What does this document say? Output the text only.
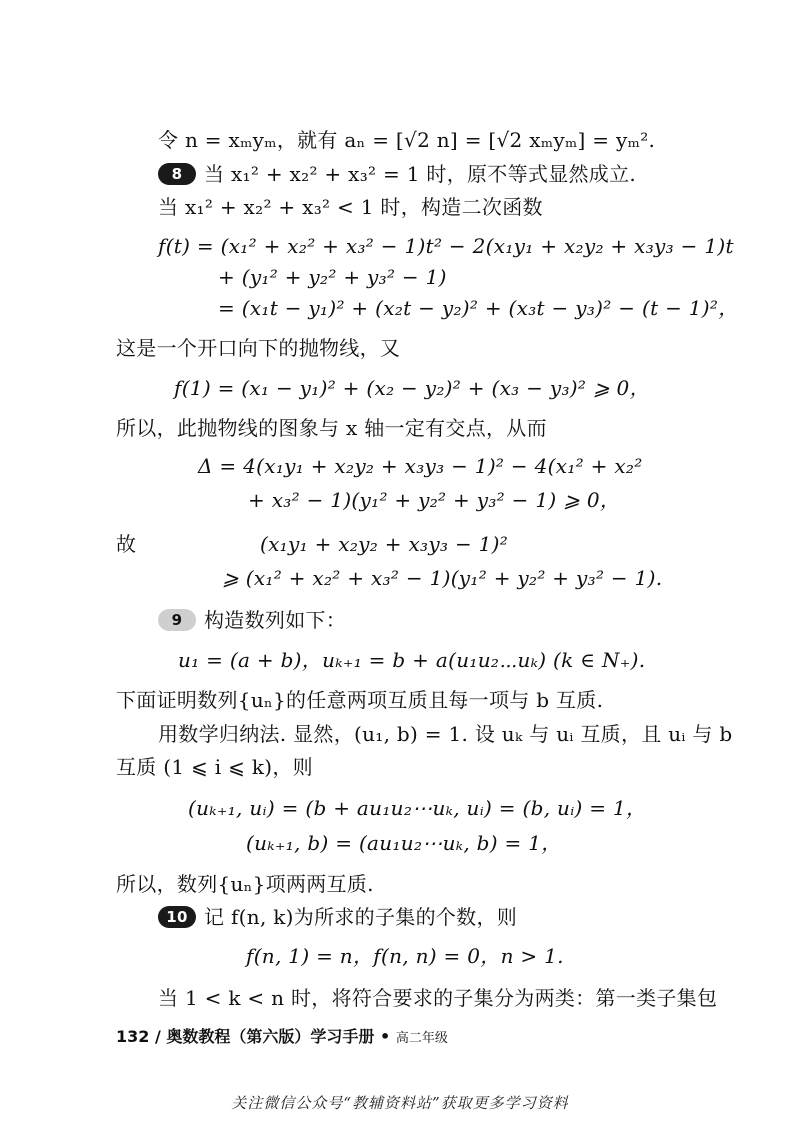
令 n = xₘyₘ，就有 aₙ = [√2 n] = [√2 xₘyₘ] = yₘ².
8 当 x₁² + x₂² + x₃² = 1 时，原不等式显然成立.
当 x₁² + x₂² + x₃² < 1 时，构造二次函数
f(t) = (x₁² + x₂² + x₃² − 1)t² − 2(x₁y₁ + x₂y₂ + x₃y₃ − 1)t
+ (y₁² + y₂² + y₃² − 1)
= (x₁t − y₁)² + (x₂t − y₂)² + (x₃t − y₃)² − (t − 1)²，
这是一个开口向下的抛物线，又
f(1) = (x₁ − y₁)² + (x₂ − y₂)² + (x₃ − y₃)² ⩾ 0，
所以，此抛物线的图象与 x 轴一定有交点，从而
Δ = 4(x₁y₁ + x₂y₂ + x₃y₃ − 1)² − 4(x₁² + x₂²
+ x₃² − 1)(y₁² + y₂² + y₃² − 1) ⩾ 0，
故	(x₁y₁ + x₂y₂ + x₃y₃ − 1)²
⩾ (x₁² + x₂² + x₃² − 1)(y₁² + y₂² + y₃² − 1).
9 构造数列如下：
u₁ = (a + b)，uₖ₊₁ = b + a(u₁u₂⋯uₖ) (k ∈ N₊).
下面证明数列{uₙ}的任意两项互质且每一项与 b 互质.
用数学归纳法. 显然，(u₁, b) = 1. 设 uₖ 与 uᵢ 互质，且 uᵢ 与 b
互质 (1 ⩽ i ⩽ k)，则
(uₖ₊₁, uᵢ) = (b + au₁u₂⋯uₖ, uᵢ) = (b, uᵢ) = 1，
(uₖ₊₁, b) = (au₁u₂⋯uₖ, b) = 1，
所以，数列{uₙ}项两两互质.
10 记 f(n, k)为所求的子集的个数，则
f(n, 1) = n，f(n, n) = 0，n > 1.
当 1 < k < n 时，将符合要求的子集分为两类：第一类子集包
132 / 奥数教程（第六版）学习手册 • 高二年级
关注微信公众号“教辅资料站”获取更多学习资料
